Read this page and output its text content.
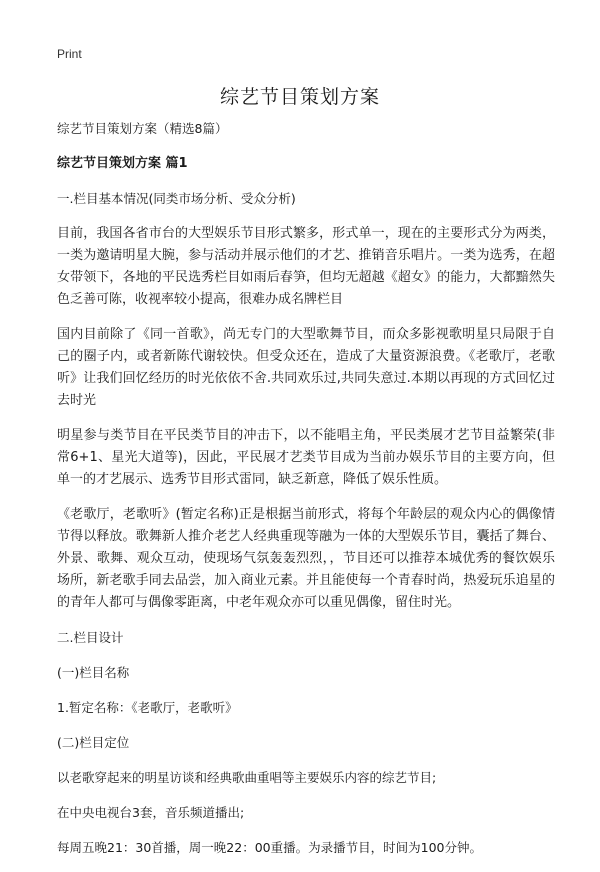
Print
综艺节目策划方案

综艺节目策划方案（精选8篇）

综艺节目策划方案 篇1

一.栏目基本情况(同类市场分析、受众分析)

目前，我国各省市台的大型娱乐节目形式繁多，形式单一，现在的主要形式分为两类，一类为邀请明星大腕，参与活动并展示他们的才艺、推销音乐唱片。一类为选秀，在超女带领下，各地的平民选秀栏目如雨后春笋，但均无超越《超女》的能力，大都黯然失色乏善可陈，收视率较小提高，很难办成名牌栏目

国内目前除了《同一首歌》，尚无专门的大型歌舞节目，而众多影视歌明星只局限于自己的圈子内，或者新陈代谢较快。但受众还在，造成了大量资源浪费。《老歌厅，老歌听》让我们回忆经历的时光依依不舍.共同欢乐过,共同失意过.本期以再现的方式回忆过去时光

明星参与类节目在平民类节目的冲击下，以不能唱主角，平民类展才艺节目益繁荣(非常6+1、星光大道等)，因此，平民展才艺类节目成为当前办娱乐节目的主要方向，但单一的才艺展示、选秀节目形式雷同，缺乏新意，降低了娱乐性质。

《老歌厅，老歌听》(暂定名称)正是根据当前形式，将每个年龄层的观众内心的偶像情节得以释放。歌舞新人推介老艺人经典重现等融为一体的大型娱乐节目，囊括了舞台、外景、歌舞、观众互动，使现场气氛轰轰烈烈，，节目还可以推荐本城优秀的餐饮娱乐场所，新老歌手同去品尝，加入商业元素。并且能使每一个青春时尚，热爱玩乐追星的的青年人都可与偶像零距离，中老年观众亦可以重见偶像，留住时光。

二.栏目设计

(一)栏目名称

1.暂定名称：《老歌厅，老歌听》

(二)栏目定位

以老歌穿起来的明星访谈和经典歌曲重唱等主要娱乐内容的综艺节目;

在中央电视台3套，音乐频道播出;

每周五晚21：30首播，周一晚22：00重播。为录播节目，时间为100分钟。
